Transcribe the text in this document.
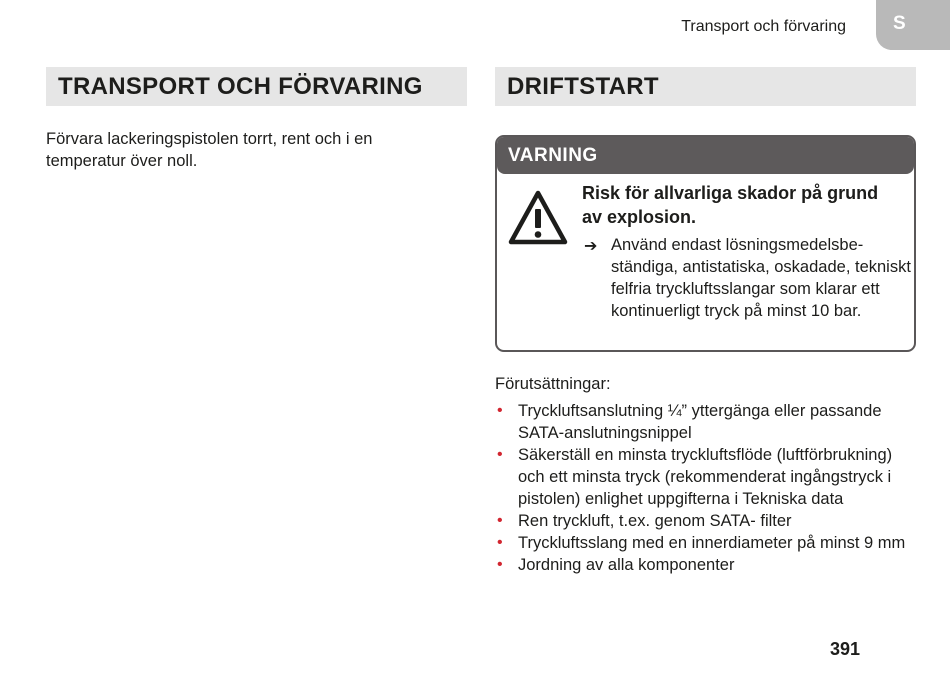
Transport och förvaring S
TRANSPORT OCH FÖRVARING
Förvara lackeringspistolen torrt, rent och i en temperatur över noll.
DRIFTSTART
VARNING
Risk för allvarliga skador på grund av explosion.
➔ Använd endast lösningsmedelsbeständiga, antistatiska, oskadade, tekniskt felfria tryckluftsslangar som klarar ett kontinuerligt tryck på minst 10 bar.
Förutsättningar:
• Tryckluftsanslutning ¼” yttergänga eller passande SATA-anslutningsnippel
• Säkerställ en minsta tryckluftsflöde (luftförbrukning) och ett minsta tryck (rekommenderat ingångstryck i pistolen) enlighet uppgifterna i Tekniska data
• Ren tryckluft, t.ex. genom SATA- filter
• Tryckluftsslang med en innerdiameter på minst 9 mm
• Jordning av alla komponenter
391
